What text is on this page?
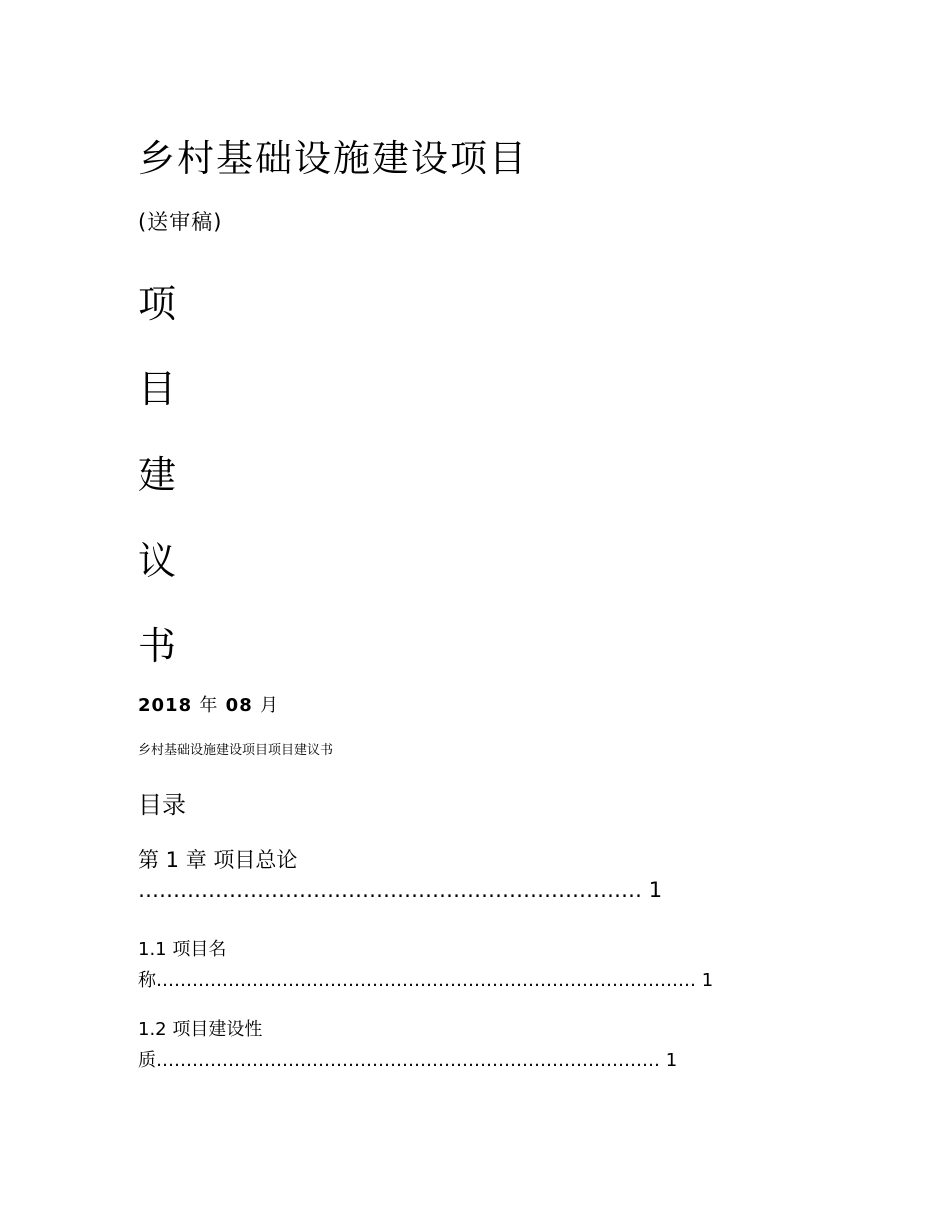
乡村基础设施建设项目
(送审稿)
项
目
建
议
书
2018 年 08 月
乡村基础设施建设项目项目建议书
目录
第 1 章 项目总论
……………………………………………………………… 1
1.1 项目名
称……………………………………………………………………………… 1
1.2 项目建设性
质………………………………………………………………………… 1
